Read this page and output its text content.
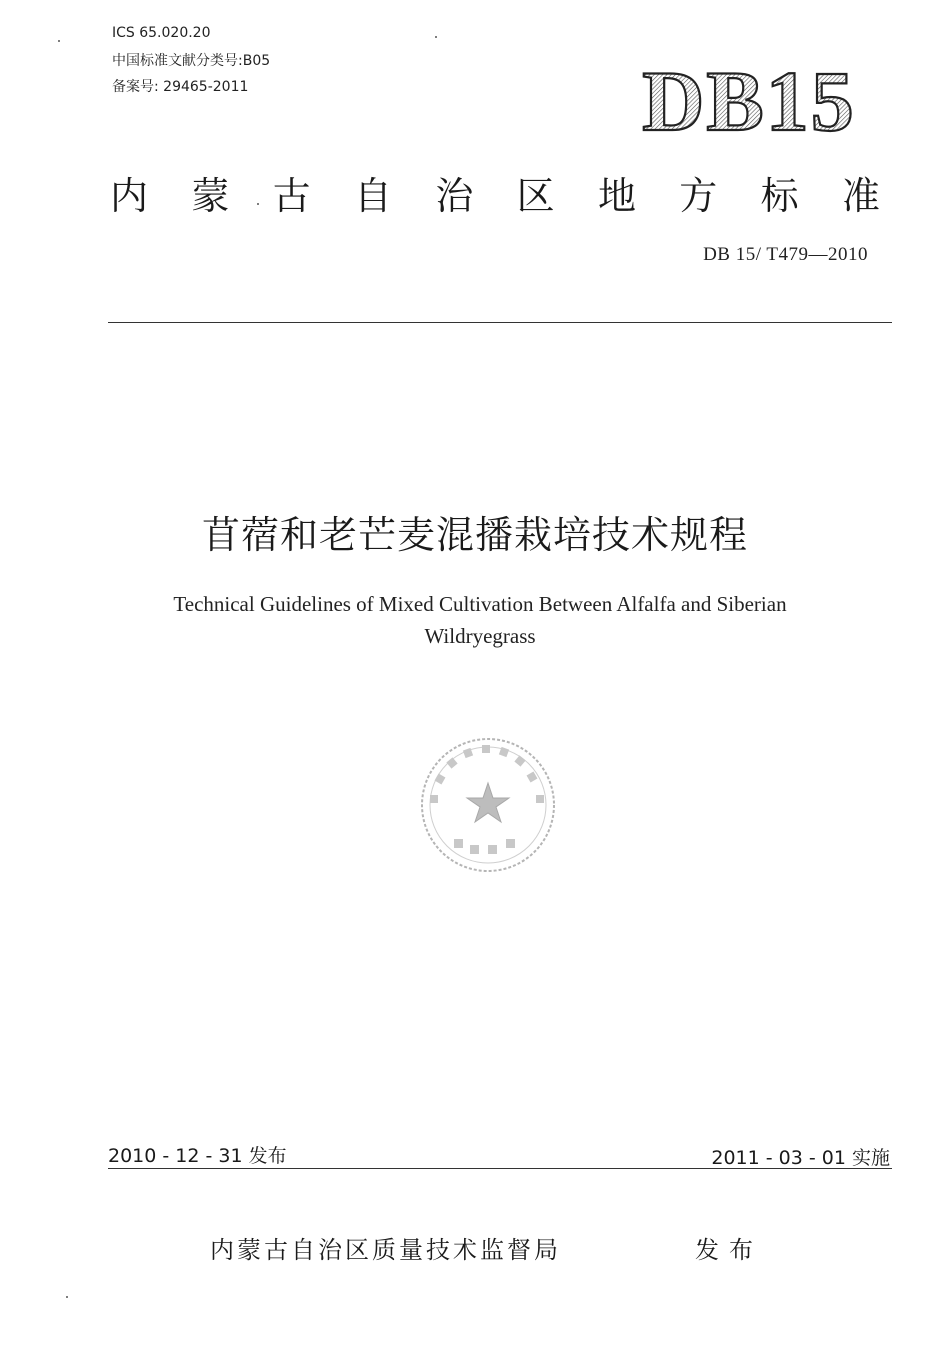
ICS 65.020.20
中国标准文献分类号:B05
备案号: 29465-2011	DB15
内 蒙 古 自 治 区 地 方 标 准
DB 15/ T479—2010
苜蓿和老芒麦混播栽培技术规程
Technical Guidelines of Mixed Cultivation Between Alfalfa and Siberian
Wildryegrass
2010 - 12 - 31 发布	2011 - 03 - 01 实施
内蒙古自治区质量技术监督局	发布
